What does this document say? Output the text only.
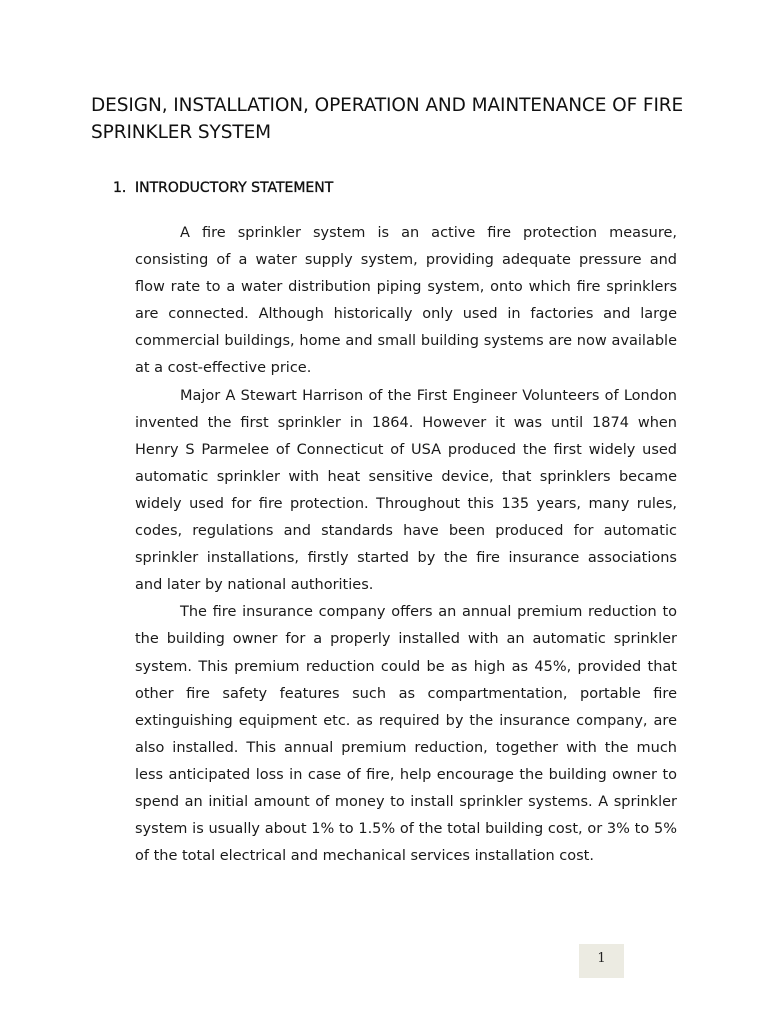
DESIGN, INSTALLATION, OPERATION AND MAINTENANCE OF FIRE SPRINKLER SYSTEM
1. INTRODUCTORY STATEMENT

A fire sprinkler system is an active fire protection measure, consisting of a water supply system, providing adequate pressure and flow rate to a water distribution piping system, onto which fire sprinklers are connected. Although historically only used in factories and large commercial buildings, home and small building systems are now available at a cost-effective price.

Major A Stewart Harrison of the First Engineer Volunteers of London invented the first sprinkler in 1864. However it was until 1874 when Henry S Parmelee of Connecticut of USA produced the first widely used automatic sprinkler with heat sensitive device, that sprinklers became widely used for fire protection. Throughout this 135 years, many rules, codes, regulations and standards have been produced for automatic sprinkler installations, firstly started by the fire insurance associations and later by national authorities.

The fire insurance company offers an annual premium reduction to the building owner for a properly installed with an automatic sprinkler system. This premium reduction could be as high as 45%, provided that other fire safety features such as compartmentation, portable fire extinguishing equipment etc. as required by the insurance company, are also installed. This annual premium reduction, together with the much less anticipated loss in case of fire, help encourage the building owner to spend an initial amount of money to install sprinkler systems. A sprinkler system is usually about 1% to 1.5% of the total building cost, or 3% to 5% of the total electrical and mechanical services installation cost.

1
